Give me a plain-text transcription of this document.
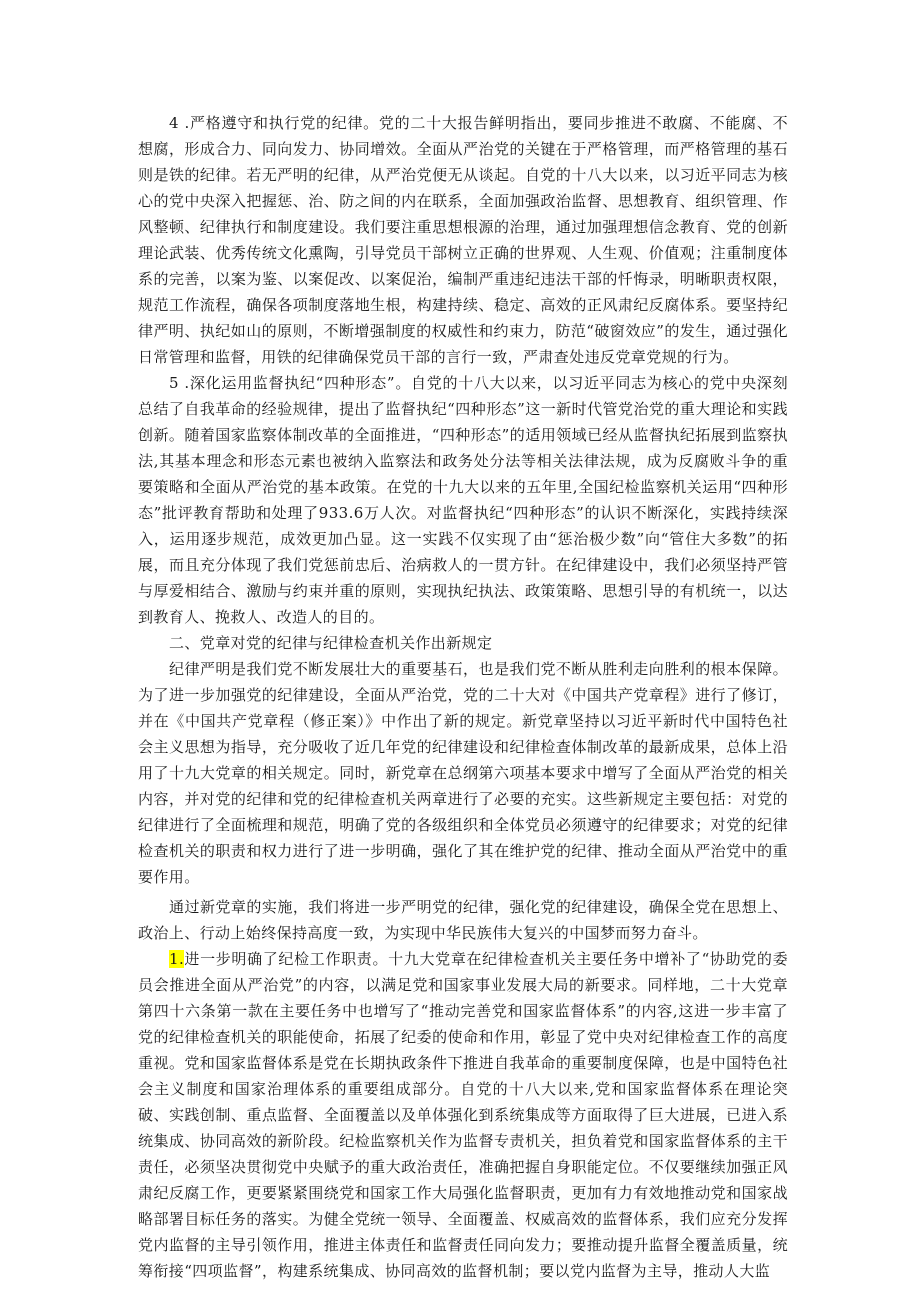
4 .严格遵守和执行党的纪律。党的二十大报告鲜明指出，要同步推进不敢腐、不能腐、不想腐，形成合力、同向发力、协同增效。全面从严治党的关键在于严格管理，而严格管理的基石则是铁的纪律。若无严明的纪律，从严治党便无从谈起。自党的十八大以来，以习近平同志为核心的党中央深入把握惩、治、防之间的内在联系，全面加强政治监督、思想教育、组织管理、作风整顿、纪律执行和制度建设。我们要注重思想根源的治理，通过加强理想信念教育、党的创新理论武装、优秀传统文化熏陶，引导党员干部树立正确的世界观、人生观、价值观；注重制度体系的完善，以案为鉴、以案促改、以案促治，编制严重违纪违法干部的忏悔录，明晰职责权限，规范工作流程，确保各项制度落地生根，构建持续、稳定、高效的正风肃纪反腐体系。要坚持纪律严明、执纪如山的原则，不断增强制度的权威性和约束力，防范“破窗效应”的发生，通过强化日常管理和监督，用铁的纪律确保党员干部的言行一致，严肃查处违反党章党规的行为。

5 .深化运用监督执纪“四种形态”。自党的十八大以来，以习近平同志为核心的党中央深刻总结了自我革命的经验规律，提出了监督执纪“四种形态”这一新时代管党治党的重大理论和实践创新。随着国家监察体制改革的全面推进，“四种形态”的适用领域已经从监督执纪拓展到监察执法,其基本理念和形态元素也被纳入监察法和政务处分法等相关法律法规，成为反腐败斗争的重要策略和全面从严治党的基本政策。在党的十九大以来的五年里,全国纪检监察机关运用“四种形态”批评教育帮助和处理了933.6万人次。对监督执纪“四种形态”的认识不断深化，实践持续深入，运用逐步规范，成效更加凸显。这一实践不仅实现了由“惩治极少数”向“管住大多数”的拓展，而且充分体现了我们党惩前忠后、治病救人的一贯方针。在纪律建设中，我们必须坚持严管与厚爱相结合、激励与约束并重的原则，实现执纪执法、政策策略、思想引导的有机统一，以达到教育人、挽救人、改造人的目的。

二、党章对党的纪律与纪律检查机关作出新规定

纪律严明是我们党不断发展壮大的重要基石，也是我们党不断从胜利走向胜利的根本保障。为了进一步加强党的纪律建设，全面从严治党，党的二十大对《中国共产党章程》进行了修订，并在《中国共产党章程（修正案）》中作出了新的规定。新党章坚持以习近平新时代中国特色社会主义思想为指导，充分吸收了近几年党的纪律建设和纪律检查体制改革的最新成果，总体上沿用了十九大党章的相关规定。同时，新党章在总纲第六项基本要求中增写了全面从严治党的相关内容，并对党的纪律和党的纪律检查机关两章进行了必要的充实。这些新规定主要包括：对党的纪律进行了全面梳理和规范，明确了党的各级组织和全体党员必须遵守的纪律要求；对党的纪律检查机关的职责和权力进行了进一步明确，强化了其在维护党的纪律、推动全面从严治党中的重要作用。

通过新党章的实施，我们将进一步严明党的纪律，强化党的纪律建设，确保全党在思想上、政治上、行动上始终保持高度一致，为实现中华民族伟大复兴的中国梦而努力奋斗。

1.进一步明确了纪检工作职责。十九大党章在纪律检查机关主要任务中增补了“协助党的委员会推进全面从严治党”的内容，以满足党和国家事业发展大局的新要求。同样地，二十大党章第四十六条第一款在主要任务中也增写了“推动完善党和国家监督体系”的内容,这进一步丰富了党的纪律检查机关的职能使命，拓展了纪委的使命和作用，彰显了党中央对纪律检查工作的高度重视。党和国家监督体系是党在长期执政条件下推进自我革命的重要制度保障，也是中国特色社会主义制度和国家治理体系的重要组成部分。自党的十八大以来,党和国家监督体系在理论突破、实践创制、重点监督、全面覆盖以及单体强化到系统集成等方面取得了巨大进展，已进入系统集成、协同高效的新阶段。纪检监察机关作为监督专责机关，担负着党和国家监督体系的主干责任，必须坚决贯彻党中央赋予的重大政治责任，准确把握自身职能定位。不仅要继续加强正风肃纪反腐工作，更要紧紧围绕党和国家工作大局强化监督职责，更加有力有效地推动党和国家战略部署目标任务的落实。为健全党统一领导、全面覆盖、权威高效的监督体系，我们应充分发挥党内监督的主导引领作用，推进主体责任和监督责任同向发力；要推动提升监督全覆盖质量，统筹衔接“四项监督”，构建系统集成、协同高效的监督机制；要以党内监督为主导，推动人大监
